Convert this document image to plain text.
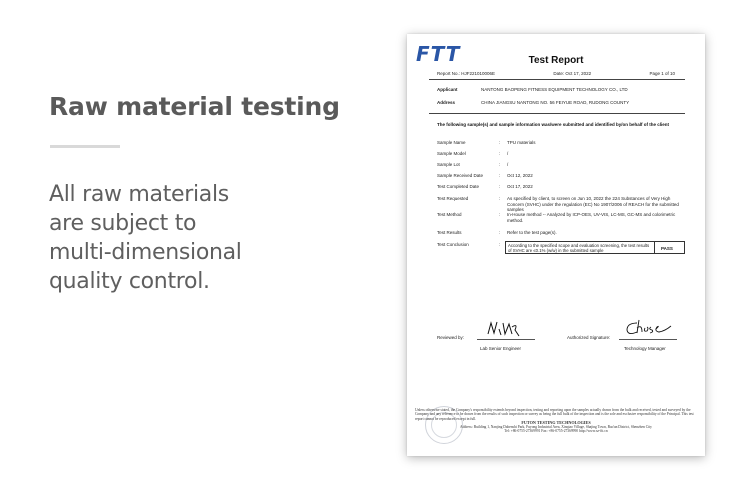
Raw material testing
All raw materials
are subject to
multi-dimensional
quality control.
FTT	Test Report
Report No.: HJF221010006E	Date: Oct 17, 2022	Page 1 of 10
Applicant	NANTONG BAOPENG FITNESS EQUIPMENT TECHNOLOGY CO., LTD
Address	CHINA JIANGSU NANTONG NO. 56 FEIYUE ROAD, RUDONG COUNTY
The following sample(s) and sample information was/were submitted and identified by/on behalf of the client
Sample Name	: TPU materials
Sample Model	: /
Sample Lot	: /
Sample Received Date	: Oct 12, 2022
Test Completed Date	: Oct 17, 2022
Test Requested	: As specified by client, to screen on Jun 10, 2022 the 224 Substances of Very High Concern (SVHC) under the regulation (EC) No 1907/2006 of REACH for the submitted samples
Test Method	: In-House method -- Analyzed by ICP-OES, UV-VIS, LC-MS, GC-MS and colorimetric method.
Test Results	: Refer to the test page(s).
Test Conclusion	: According to the specified scope and evaluation screening, the test results of SVHC are ≤0.1% (w/w) in the submitted sample
PASS
Reviewed by:
Lab Senior Engineer
Authorized Signature:
Technology Manager
Unless otherwise stated, the Company's responsibility extends beyond inspection, testing and reporting upon the samples actually drawn from the bulk and received, tested and surveyed by the Company and any reference to be drawn from the results of such inspection or survey as being the full bulk of the inspection and is the sole and exclusive responsibility of the Principal. This test report cannot be reproduced except in full.
FUTON TESTING TECHNOLOGIES
Address: Building 1, Nanjing Dabenshi Park, Fuyong Industrial Area, Xinqiao Village, Shajing Town, Bao'an District, Shenzhen City
Tel: +86-0755-27369991 Fax: +86-0755-27369990 http://www.sz-ftt.cn
